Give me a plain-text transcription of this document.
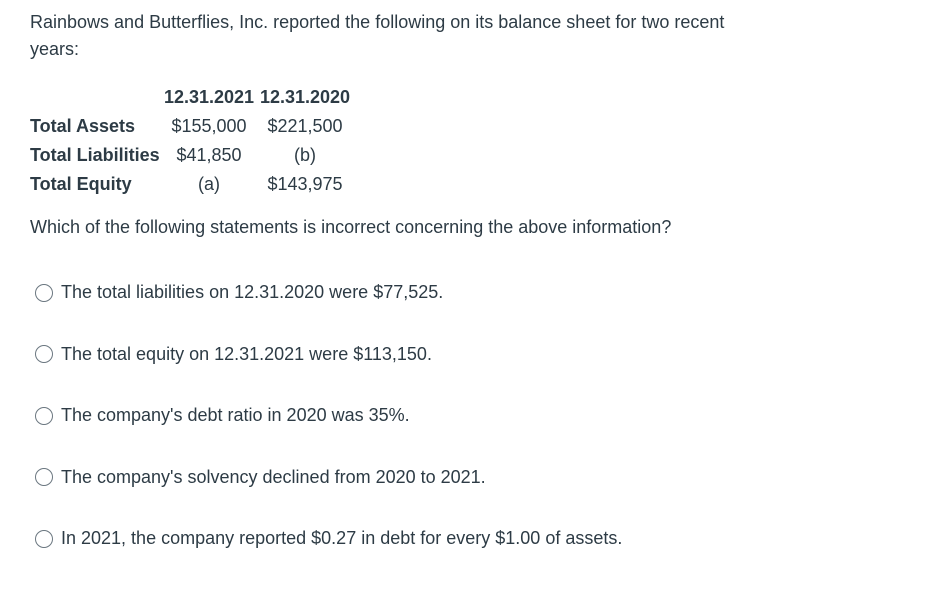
Rainbows and Butterflies, Inc. reported the following on its balance sheet for two recent years:
	12.31.2021	12.31.2020
Total Assets	$155,000	$221,500
Total Liabilities	$41,850	(b)
Total Equity	(a)	$143,975
Which of the following statements is incorrect concerning the above information?
The total liabilities on 12.31.2020 were $77,525.
The total equity on 12.31.2021 were $113,150.
The company's debt ratio in 2020 was 35%.
The company's solvency declined from 2020 to 2021.
In 2021, the company reported $0.27 in debt for every $1.00 of assets.
